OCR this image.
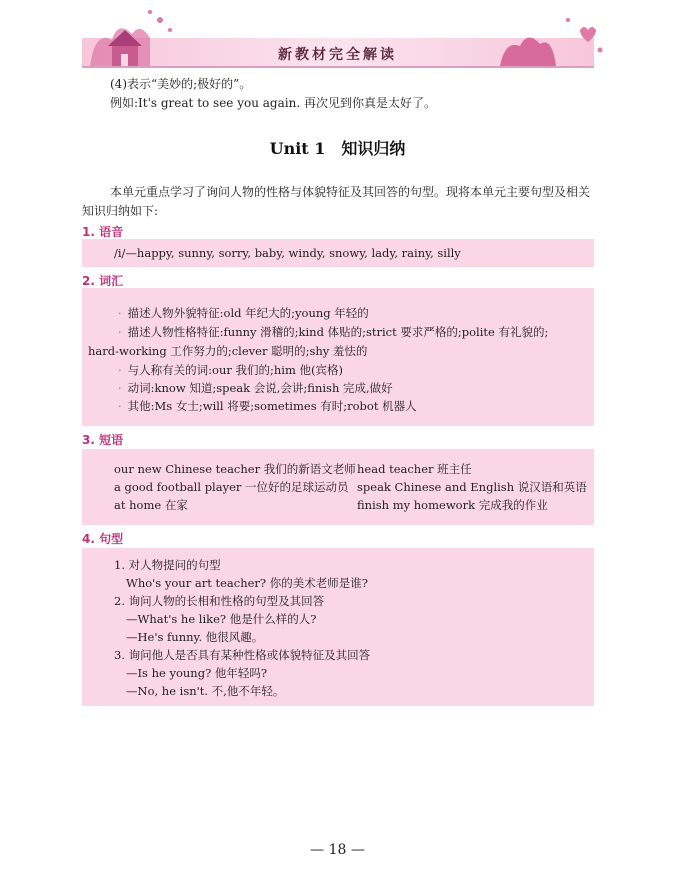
新教材完全解读
(4)表示“美妙的;极好的”。
例如:It's great to see you again. 再次见到你真是太好了。
Unit 1　知识归纳
本单元重点学习了询问人物的性格与体貌特征及其回答的句型。现将本单元主要句型及相关知识归纳如下:
1. 语音
/i/—happy, sunny, sorry, baby, windy, snowy, lady, rainy, silly
2. 词汇
· 描述人物外貌特征:old 年纪大的;young 年轻的
· 描述人物性格特征:funny 滑稽的;kind 体贴的;strict 要求严格的;polite 有礼貌的;
hard-working 工作努力的;clever 聪明的;shy 羞怯的
· 与人称有关的词:our 我们的;him 他(宾格)
· 动词:know 知道;speak 会说,会讲;finish 完成,做好
· 其他:Ms 女士;will 将要;sometimes 有时;robot 机器人
3. 短语
our new Chinese teacher 我们的新语文老师
a good football player 一位好的足球运动员
at home 在家
head teacher 班主任
speak Chinese and English 说汉语和英语
finish my homework 完成我的作业
4. 句型
1. 对人物提问的句型
Who's your art teacher? 你的美术老师是谁?
2. 询问人物的长相和性格的句型及其回答
—What's he like? 他是什么样的人?
—He's funny. 他很风趣。
3. 询问他人是否具有某种性格或体貌特征及其回答
—Is he young? 他年轻吗?
—No, he isn't. 不,他不年轻。
— 18 —
